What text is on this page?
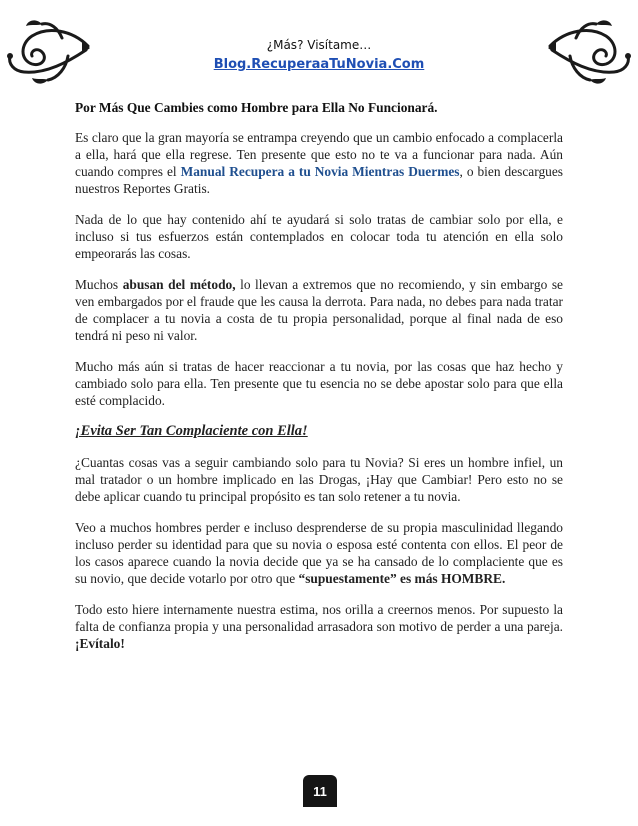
¿Más? Visítame…
Blog.RecuperaaTuNovia.Com

Por Más Que Cambies como Hombre para Ella No Funcionará.

Es claro que la gran mayoría se entrampa creyendo que un cambio enfocado a complacerla a ella, hará que ella regrese. Ten presente que esto no te va a funcionar para nada. Aún cuando compres el Manual Recupera a tu Novia Mientras Duermes, o bien descargues nuestros Reportes Gratis.

Nada de lo que hay contenido ahí te ayudará si solo tratas de cambiar solo por ella, e incluso si tus esfuerzos están contemplados en colocar toda tu atención en ella solo empeorarás las cosas.

Muchos abusan del método, lo llevan a extremos que no recomiendo, y sin embargo se ven embargados por el fraude que les causa la derrota. Para nada, no debes para nada tratar de complacer a tu novia a costa de tu propia personalidad, porque al final nada de eso tendrá ni peso ni valor.

Mucho más aún si tratas de hacer reaccionar a tu novia, por las cosas que haz hecho y cambiado solo para ella. Ten presente que tu esencia no se debe apostar solo para que ella esté complacido.

¡Evita Ser Tan Complaciente con Ella!

¿Cuantas cosas vas a seguir cambiando solo para tu Novia? Si eres un hombre infiel, un mal tratador o un hombre implicado en las Drogas, ¡Hay que Cambiar! Pero esto no se debe aplicar cuando tu principal propósito es tan solo retener a tu novia.

Veo a muchos hombres perder e incluso desprenderse de su propia masculinidad llegando incluso perder su identidad para que su novia o esposa esté contenta con ellos. El peor de los casos aparece cuando la novia decide que ya se ha cansado de lo complaciente que es su novio, que decide votarlo por otro que “supuestamente” es más HOMBRE.

Todo esto hiere internamente nuestra estima, nos orilla a creernos menos. Por supuesto la falta de confianza propia y una personalidad arrasadora son motivo de perder a una pareja. ¡Evítalo!

11
